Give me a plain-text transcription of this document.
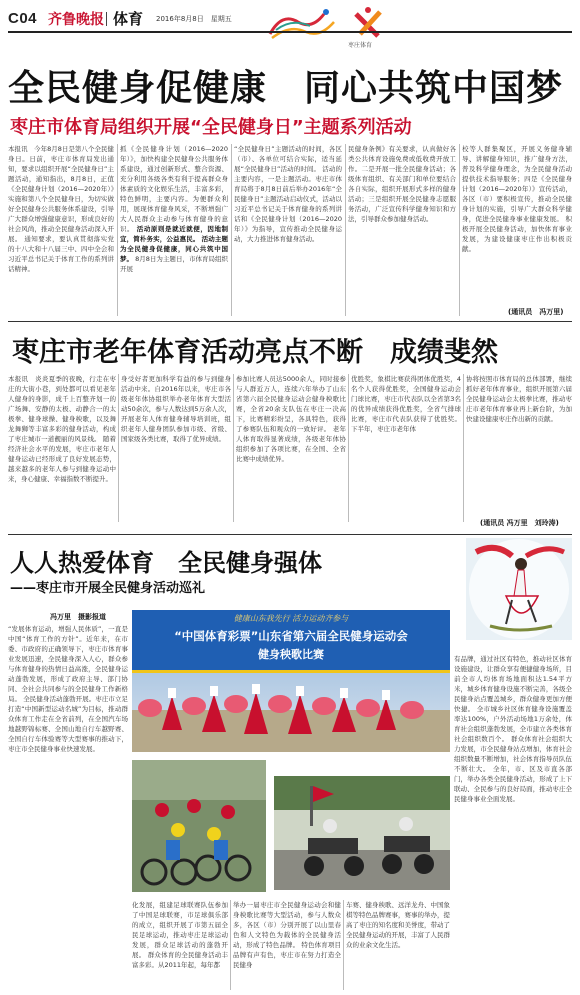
C04 齐鲁晚报 体育 2016年8月8日　星期五
枣庄体育
全民健身促健康　同心共筑中国梦
枣庄市体育局组织开展“全民健身日”主题系列活动
本报讯　今年8月8日是第八个全民健身日。日前，枣庄市体育局发出通知，要求以组织开展“全民健身日”主题活动，通知指出，8月8日，正值《全民健身计划（2016—2020年）》实施和第八个全民健身日，为切实做好全民健身公共服务体系建设，引导广大群众增强健康意识，形成良好的社会风尚，推动全民健身活动深入开展。 通知要求，要认真贯彻落实党的十八大和十八届三中、四中全会和习近平总书记关于体育工作的系列讲话精神。
抓《全民健身计划（2016—2020年）》，加快构建全民健身公共服务体系建设，通过创新形式、整合资源、充分利用各级各类有利于提高群众身体素质的文化娱乐生活，丰富多彩，特色鲜明，主要内容。为便群众利用，展现体育健身风采，不断增强广大人民群众主动参与体育健身的意识。 活动原则是就近就便，因地制宜，简朴务实，公益惠民。 活动主题为全民健身促健康，同心共筑中国梦。 8月8日为主题日，市体育局组织开展
“全民健身日”主题活动的时间，各区（市）、各单位可结合实际，适当延展“全民健身日”活动的时间。 活动的主要内容，一是主题活动。枣庄市体育局将于8月8日前后举办2016年“全民健身日”主题活动启动仪式，活动以习近平总书记关于体育健身的系列讲话和《全民健身计划（2016—2020年）》为指导，宣传推动全民健身运动，大力推进体育健身活动。
民健身条例》有关要求，认真做好各类公共体育设施免费或低收费开放工作。二是开展一批全民健身活动；各级体育组织、有关部门和单位要结合各自实际，组织开展形式多样的健身活动；三是组织开展全民健身志愿服务活动，广泛宣传科学健身知识和方法，引导群众参加健身活动。
校等人群集聚区，开展义务健身辅导、讲解健身知识，推广健身方法，普及科学健身理念，为全民健身活动提供技术指导服务；四是《全民健身计划（2016—2020年）》宣传活动，各区（市）要积极宣传，推动全民健身计划的实施，引导广大群众科学健身，促进全民健身事业健康发展。 积极开展全民健身活动，加快体育事业发展，为建设健康枣庄作出积极贡献。
(通讯员　冯万里)
枣庄市老年体育活动亮点不断　成绩斐然
本报讯　炎炎夏季的夜晚，行走在枣庄的大街小巷，到处都可以看见老年人健身的身影，成千上百整齐划一的广场舞、安静的太极、动静合一的太极拳、健身球操、健身秧歌，以及舞龙舞狮等丰富多彩的健身活动，构成了枣庄城市一道靓丽的风景线。 随着经济社会水平的发展，枣庄市老年人健身运动已经形成了良好发展态势，越来越多的老年人参与到健身运动中来，身心健康、幸福指数不断提升。
身受好者更加科学有益的参与到健身活动中来。自2016年以来，枣庄市各级老年体协组织举办老年体育大型活动50余次，参与人数达到5万余人次，开展老年人体育健身辅导培训班，组织老年人健身团队参加市级、省级、国家级各类比赛，取得了优异成绩。
参加比赛人员达5000余人，同时接参与人群近万人，连续六年举办了山东省第六届全民健身运动会健身秧歌比赛，全省20余支队伍在枣庄一决高下，比赛精彩纷呈，各具特色，获得了参赛队伍和观众的一致好评。 老年人体育取得显著成绩，各级老年体协组织参加了各项比赛，在全国、全省比赛中成绩优异。
优胜奖，象棋比赛获得团体优胜奖，4名个人获得优胜奖，全国健身运动会门球比赛，枣庄市代表队以全省第3名的优异成绩获得优胜奖，全省气排球比赛，枣庄市代表队获得了优胜奖。 下半年，枣庄市老年体
协将按照市体育局的总体部署，继续抓好老年体育事业，组织开展第六届全民健身运动会太极拳比赛，推动枣庄市老年体育事业再上新台阶，为加快建设健康枣庄作出新的贡献。
(通讯员 冯万里　刘玲涛)
人人热爱体育　全民健身强体
——枣庄市开展全民健身活动巡礼
冯万里　摄影报道
“发展体育运动，增强人民体质”，一直是中国“体育工作的方针”。近年来，在市委、市政府的正确领导下，枣庄市体育事业发展迅速，全民健身深入人心，群众参与体育健身的热情日益高涨，全民健身运动蓬勃发展，形成了政府主导、部门协同、全社会共同参与的全民健身工作新格局。 全民健身活动蓬勃开展。枣庄市立足打造“中国新型运动名城”为目标，推动群众体育工作走在全省前列，在全国汽车场地越野锦标赛、全国山地自行车越野赛、全国自行车体验赛等大型赛事的推动下，枣庄市全民健身事业快速发展。
健康山东我先行 活力运动齐参与
“中国体育彩票”山东省第六届全民健身运动会
健身秧歌比赛	有品牌，通过社区有特色，推动社区体育设施建设，让群众享有便捷健身场所，目前全市人均体育场地面积达1.54平方米，城乡体育健身设施不断完善，各级全民健身站点覆盖城乡，群众健身更加方便快捷。 全市城乡社区体育健身设施覆盖率达100%，户外活动场地1万余处，体育社会组织蓬勃发展，全市建立各类体育社会组织数百个。 群众体育社会组织大力发展，市全民健身站点增加，体育社会组织数量不断增加，社会体育指导员队伍不断壮大。 全年，市、区及市直各部门，举办各类全民健身活动，形成了上下联动、全民参与的良好局面，推动枣庄全民健身事业全面发展。
化发展，组建足球联赛队伍参加了中国足球联赛，市足球俱乐部的成立，组织开展了市第五届全民足球运动，推动枣庄足球运动发展，群众足球活动的蓬勃开展。 群众体育的全民健身活动丰富多彩。从2011年起，每年都
举办一届枣庄市全民健身运动会和健身秧歌比赛等大型活动，参与人数众多，各区（市）分别开展了以山里春色和人文特色为载体的全民健身活动，形成了特色品牌。 特色体育项目品牌有声有色，枣庄市在努力打造全民健身
车赛、健身秧歌、远洋龙舟、中国象棋等特色品牌赛事，赛事的举办，提高了枣庄的知名度和美誉度，带动了全民健身运动的开展，丰富了人民群众的业余文化生活。
